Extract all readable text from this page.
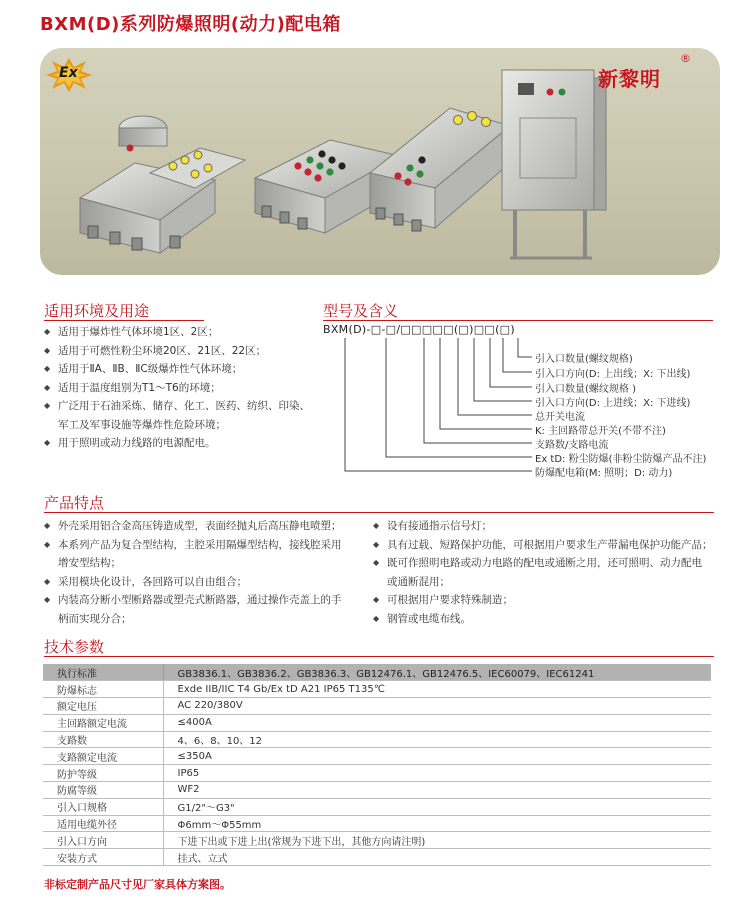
BXM(D)系列防爆照明(动力)配电箱
Ex	新黎明
®
适用环境及用途
◆ 适用于爆炸性气体环境1区、2区；
◆ 适用于可燃性粉尘环境20区、21区、22区；
◆ 适用于ⅡA、ⅡB、ⅡC级爆炸性气体环境；
◆ 适用于温度组别为T1～T6的环境；
◆ 广泛用于石油采炼、储存、化工、医药、纺织、印染、
军工及军事设施等爆炸性危险环境；
◆ 用于照明或动力线路的电源配电。
型号及含义
BXM(D)-□-□/□□□□□(□)□□(□)
引入口数量(螺纹规格)
引入口方向(D: 上出线；X: 下出线)
引入口数量(螺纹规格 )
引入口方向(D: 上进线；X: 下进线)
总开关电流
K: 主回路带总开关(不带不注)
支路数/支路电流
Ex tD: 粉尘防爆(非粉尘防爆产品不注)
防爆配电箱(M: 照明；D: 动力)
产品特点
◆ 外壳采用铝合金高压铸造成型，表面经抛丸后高压静电喷塑；
◆ 本系列产品为复合型结构，主腔采用隔爆型结构，接线腔采用
增安型结构；
◆ 采用模块化设计，各回路可以自由组合；
◆ 内装高分断小型断路器或塑壳式断路器，通过操作壳盖上的手
柄而实现分合；
◆ 设有接通指示信号灯；
◆ 具有过载、短路保护功能，可根据用户要求生产带漏电保护功能产品；
◆ 既可作照明电路或动力电路的配电或通断之用，还可照明、动力配电
或通断混用；
◆ 可根据用户要求特殊制造；
◆ 钢管或电缆布线。
技术参数
执行标准	GB3836.1、GB3836.2、GB3836.3、GB12476.1、GB12476.5、IEC60079、IEC61241
防爆标志	Exde IIB/IIC T4 Gb/Ex tD A21 IP65 T135℃
额定电压	AC 220/380V
主回路额定电流	≤400A
支路数	4、6、8、10、12
支路额定电流	≤350A
防护等级	IP65
防腐等级	WF2
引入口规格	G1/2"～G3"
适用电缆外径	Φ6mm～Φ55mm
引入口方向	下进下出或下进上出(常规为下进下出，其他方向请注明)
安装方式	挂式、立式
非标定制产品尺寸见厂家具体方案图。
